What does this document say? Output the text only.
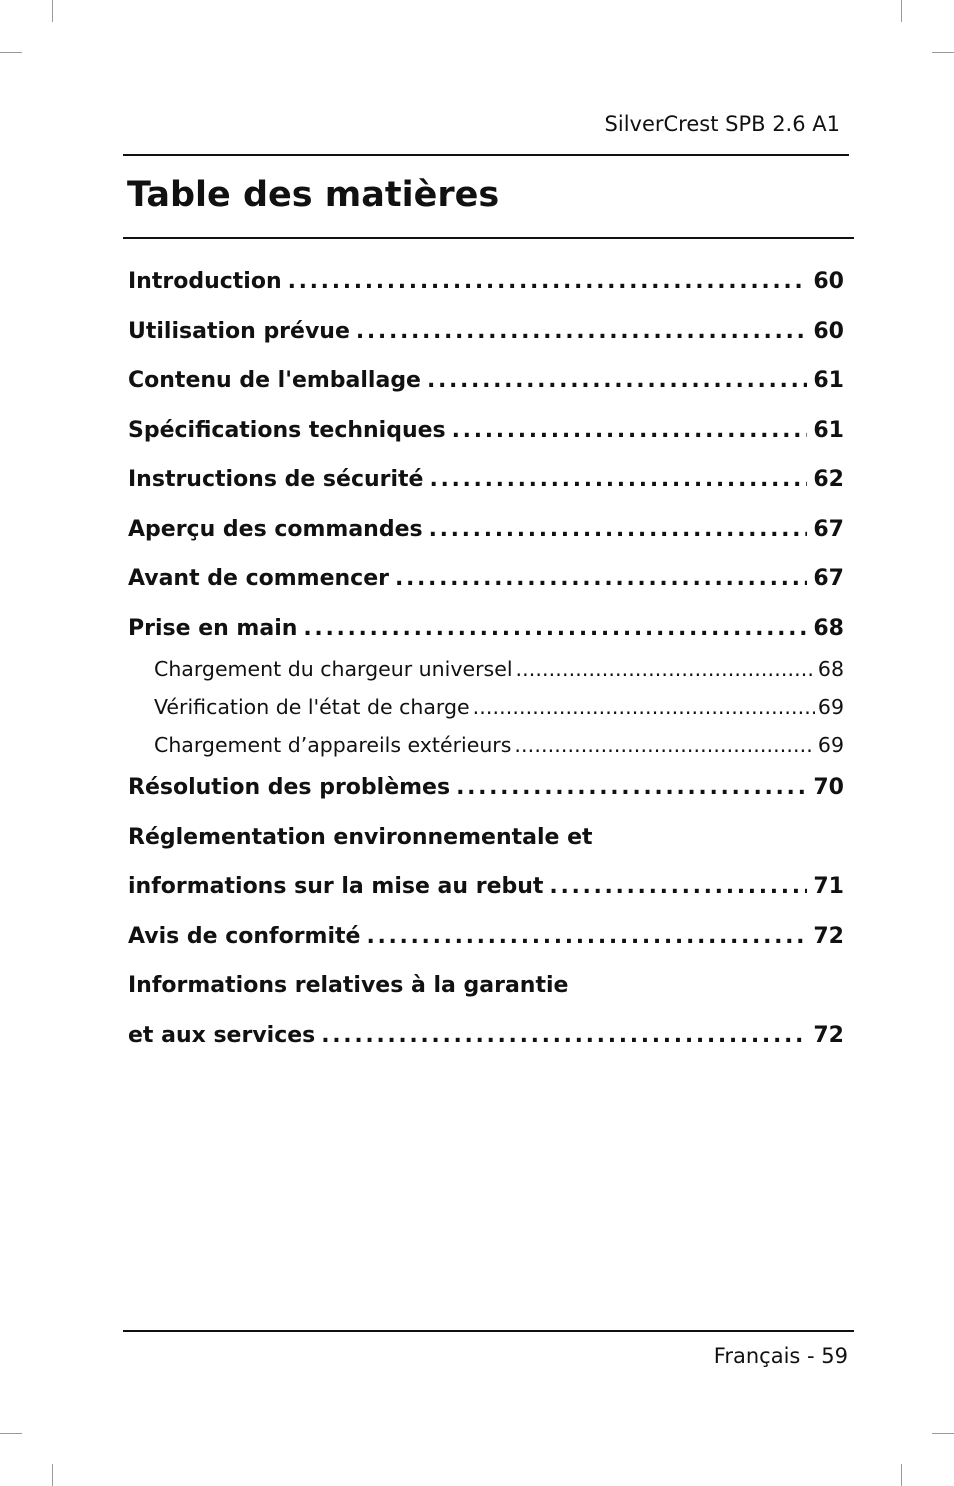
SilverCrest SPB 2.6 A1
Table des matières
Introduction . . .	60
Utilisation prévue . . .	60
Contenu de l'emballage . . .	61
Spécifications techniques . . .	61
Instructions de sécurité . . .	62
Aperçu des commandes . . .	67
Avant de commencer . . .	67
Prise en main . . .	68
Chargement du chargeur universel . . .	68
Vérification de l'état de charge . . .	69
Chargement d’appareils extérieurs . . .	69
Résolution des problèmes . . .	70
Réglementation environnementale et
informations sur la mise au rebut . . .	71
Avis de conformité . . .	72
Informations relatives à la garantie
et aux services . . .	72
Français - 59
